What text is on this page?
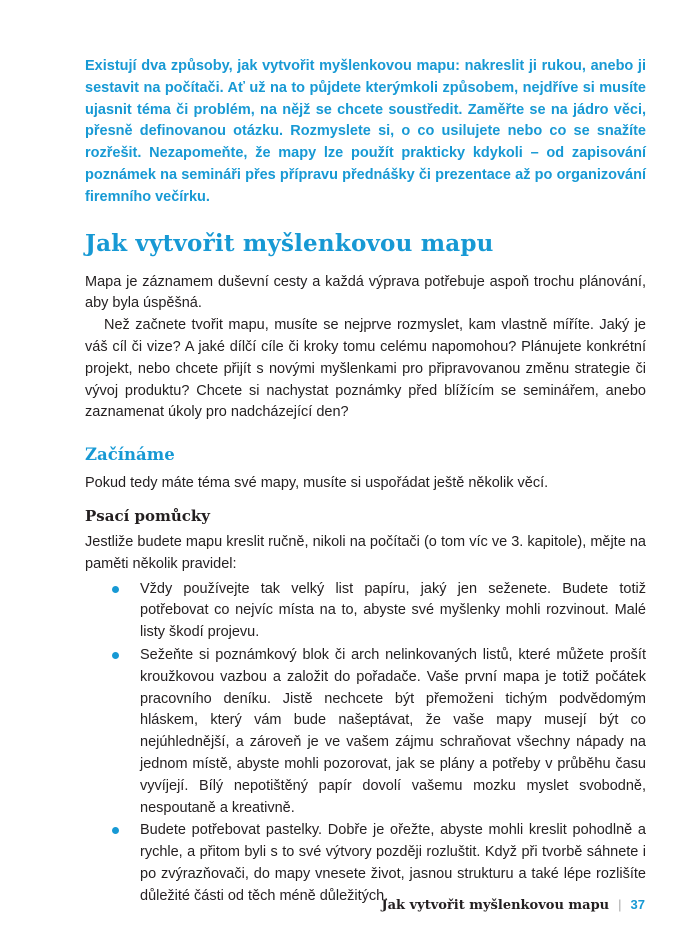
Existují dva způsoby, jak vytvořit myšlenkovou mapu: nakreslit ji rukou, anebo ji sestavit na počítači. Ať už na to půjdete kterýmkoli způsobem, nejdříve si musíte ujasnit téma či problém, na nějž se chcete soustředit. Zaměřte se na jádro věci, přesně definovanou otázku. Rozmyslete si, o co usilujete nebo co se snažíte rozřešit. Nezapomeňte, že mapy lze použít prakticky kdykoli – od zapisování poznámek na semináři přes přípravu přednášky či prezentace až po organizování firemního večírku.

Jak vytvořit myšlenkovou mapu

Mapa je záznamem duševní cesty a každá výprava potřebuje aspoň trochu plánování, aby byla úspěšná.

Než začnete tvořit mapu, musíte se nejprve rozmyslet, kam vlastně míříte. Jaký je váš cíl či vize? A jaké dílčí cíle či kroky tomu celému napomohou? Plánujete konkrétní projekt, nebo chcete přijít s novými myšlenkami pro připravovanou změnu strategie či vývoj produktu? Chcete si nachystat poznámky před blížícím se seminářem, anebo zaznamenat úkoly pro nadcházející den?

Začínáme

Pokud tedy máte téma své mapy, musíte si uspořádat ještě několik věcí.

Psací pomůcky

Jestliže budete mapu kreslit ručně, nikoli na počítači (o tom víc ve 3. kapitole), mějte na paměti několik pravidel:

Vždy používejte tak velký list papíru, jaký jen seženete. Budete totiž potřebovat co nejvíc místa na to, abyste své myšlenky mohli rozvinout. Malé listy škodí projevu.
Sežeňte si poznámkový blok či arch nelinkovaných listů, které můžete prošít kroužkovou vazbou a založit do pořadače. Vaše první mapa je totiž počátek pracovního deníku. Jistě nechcete být přemoženi tichým podvědomým hláskem, který vám bude našeptávat, že vaše mapy musejí být co nejúhlednější, a zároveň je ve vašem zájmu schraňovat všechny nápady na jednom místě, abyste mohli pozorovat, jak se plány a potřeby v průběhu času vyvíjejí. Bílý nepotištěný papír dovolí vašemu mozku myslet svobodně, nespoutaně a kreativně.
Budete potřebovat pastelky. Dobře je ořežte, abyste mohli kreslit pohodlně a rychle, a přitom byli s to své výtvory později rozluštit. Když při tvorbě sáhnete i po zvýrazňovači, do mapy vnesete život, jasnou strukturu a také lépe rozlišíte důležité části od těch méně důležitých.
Jak vytvořit myšlenkovou mapu | 37
